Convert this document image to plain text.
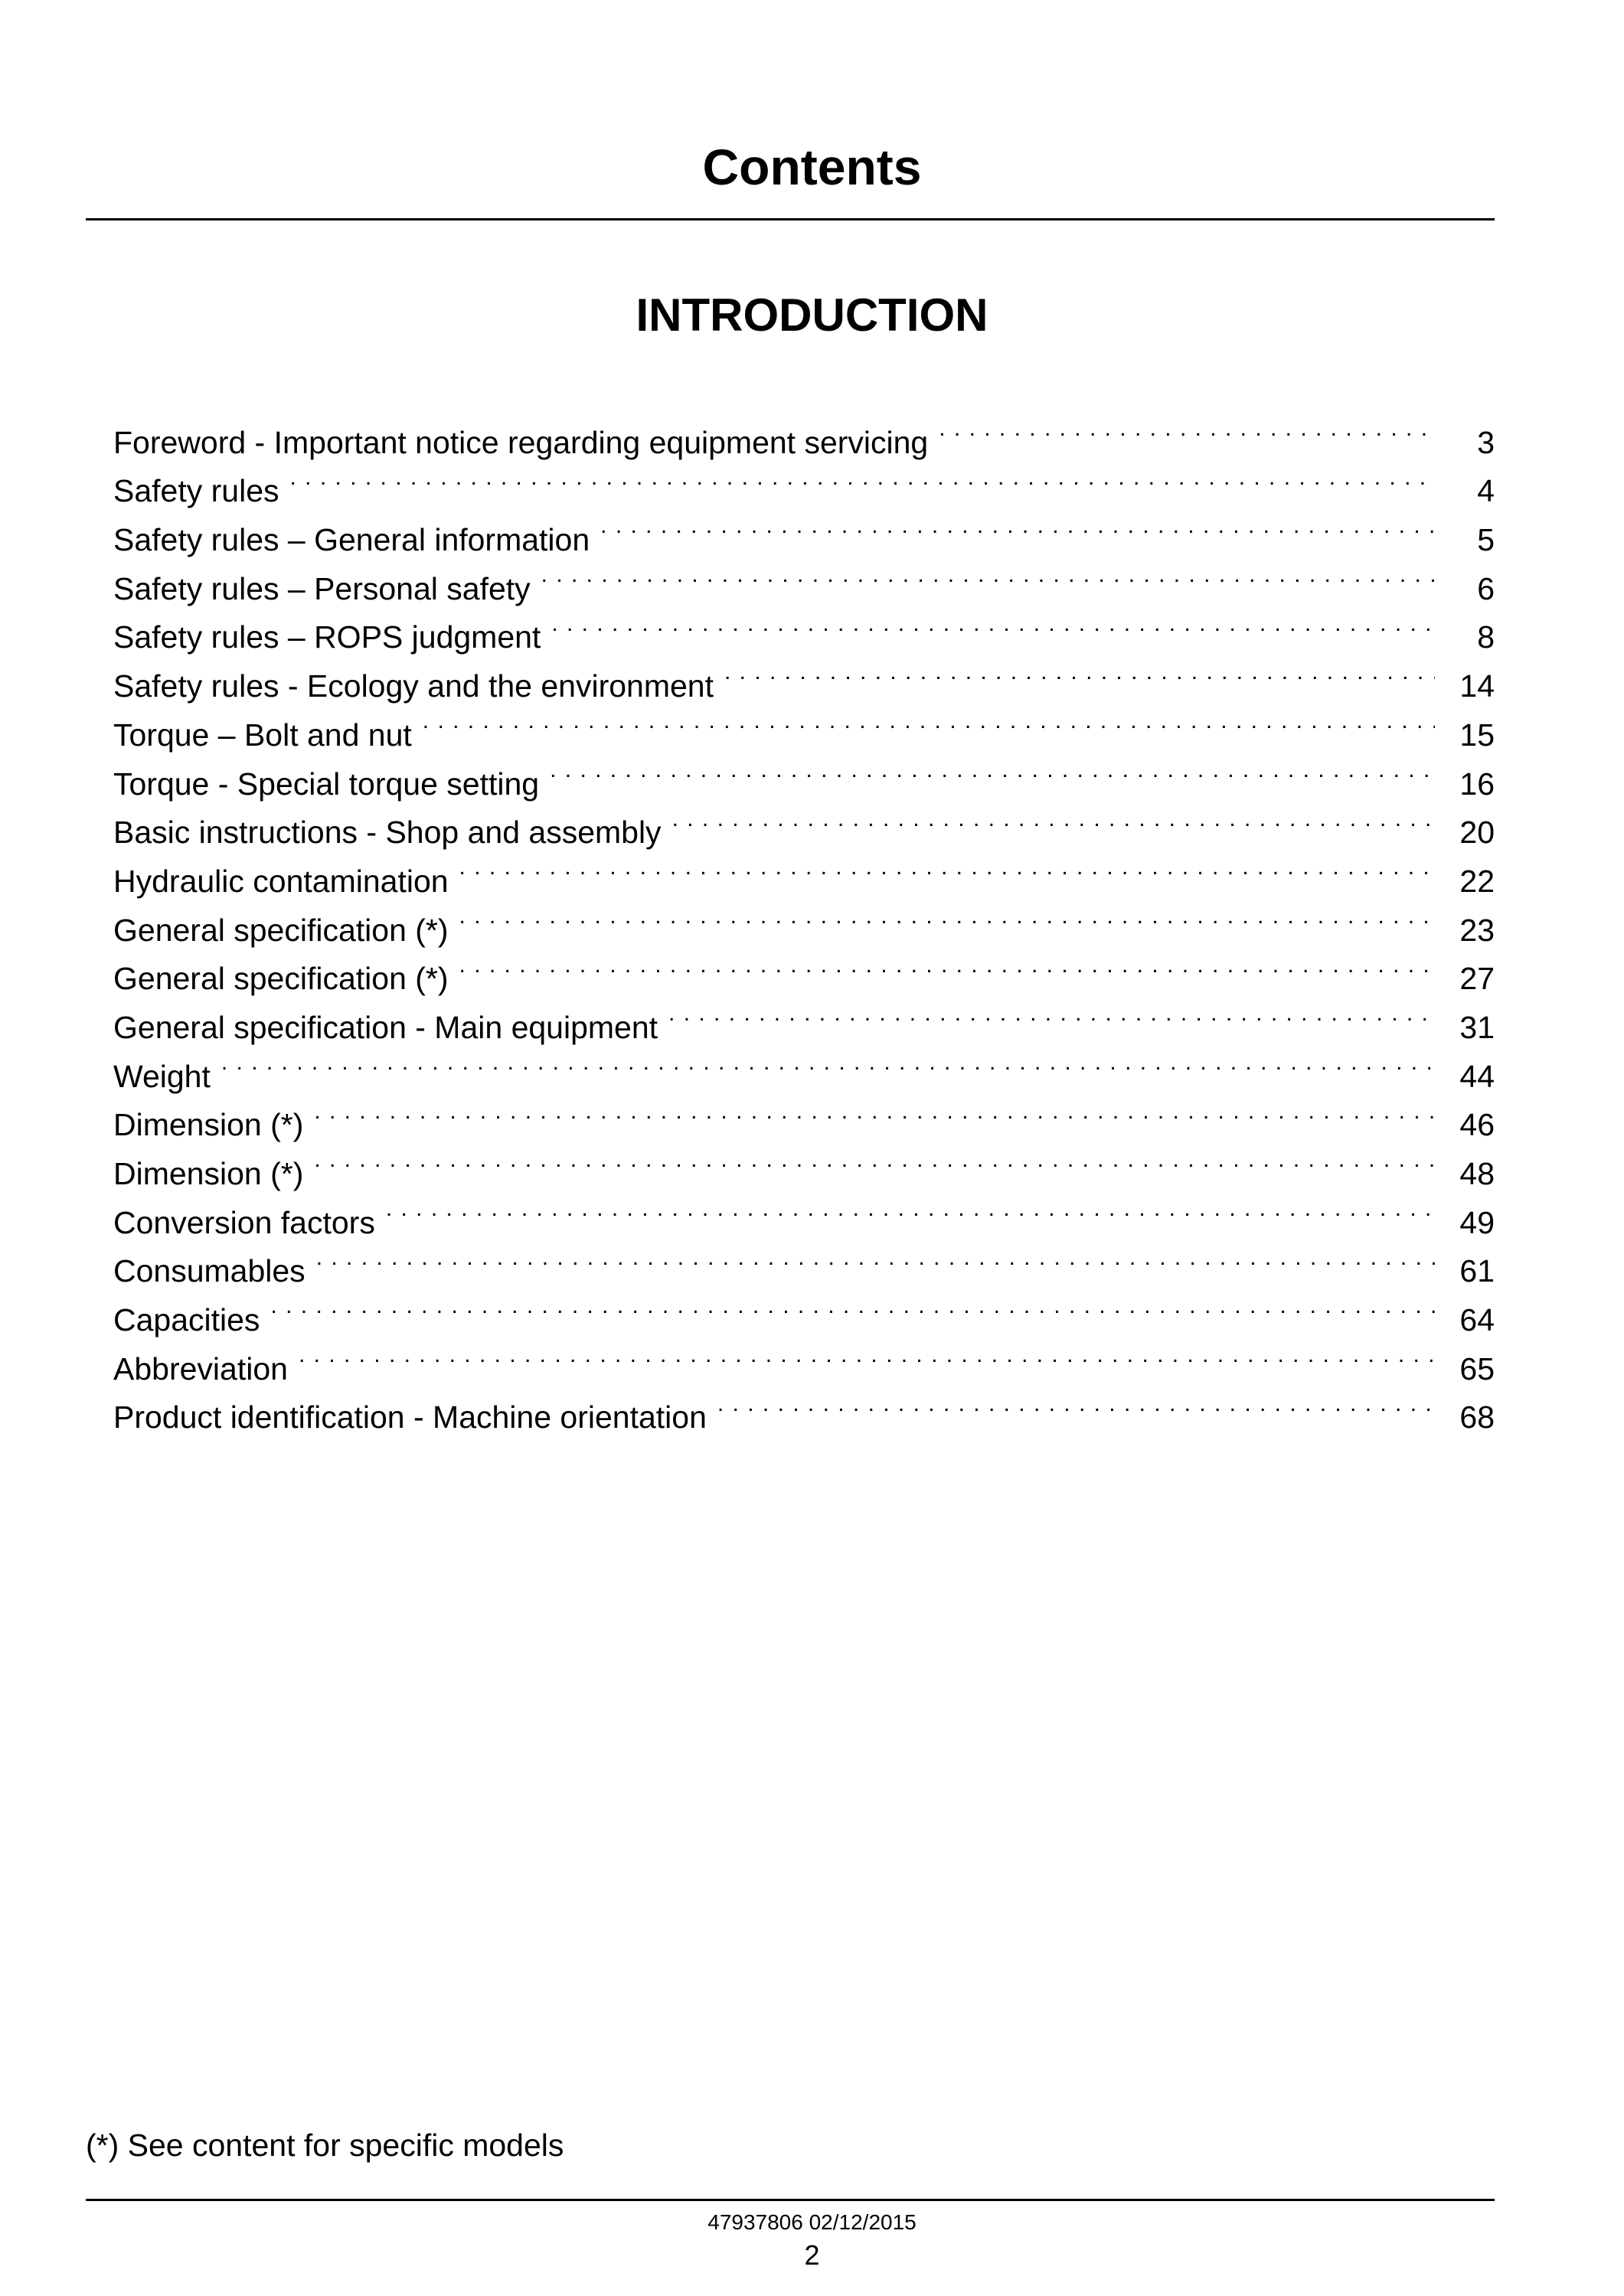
Contents
INTRODUCTION
Foreword - Important notice regarding equipment servicing . . .	3
Safety rules . . .	4
Safety rules – General information . . .	5
Safety rules – Personal safety . . .	6
Safety rules – ROPS judgment . . .	8
Safety rules - Ecology and the environment . . .	14
Torque – Bolt and nut . . .	15
Torque - Special torque setting . . .	16
Basic instructions - Shop and assembly . . .	20
Hydraulic contamination . . .	22
General specification (*) . . .	23
General specification (*) . . .	27
General specification - Main equipment . . .	31
Weight . . .	44
Dimension (*) . . .	46
Dimension (*) . . .	48
Conversion factors . . .	49
Consumables . . .	61
Capacities . . .	64
Abbreviation . . .	65
Product identification - Machine orientation . . .	68

(*) See content for specific models

47937806 02/12/2015
2
